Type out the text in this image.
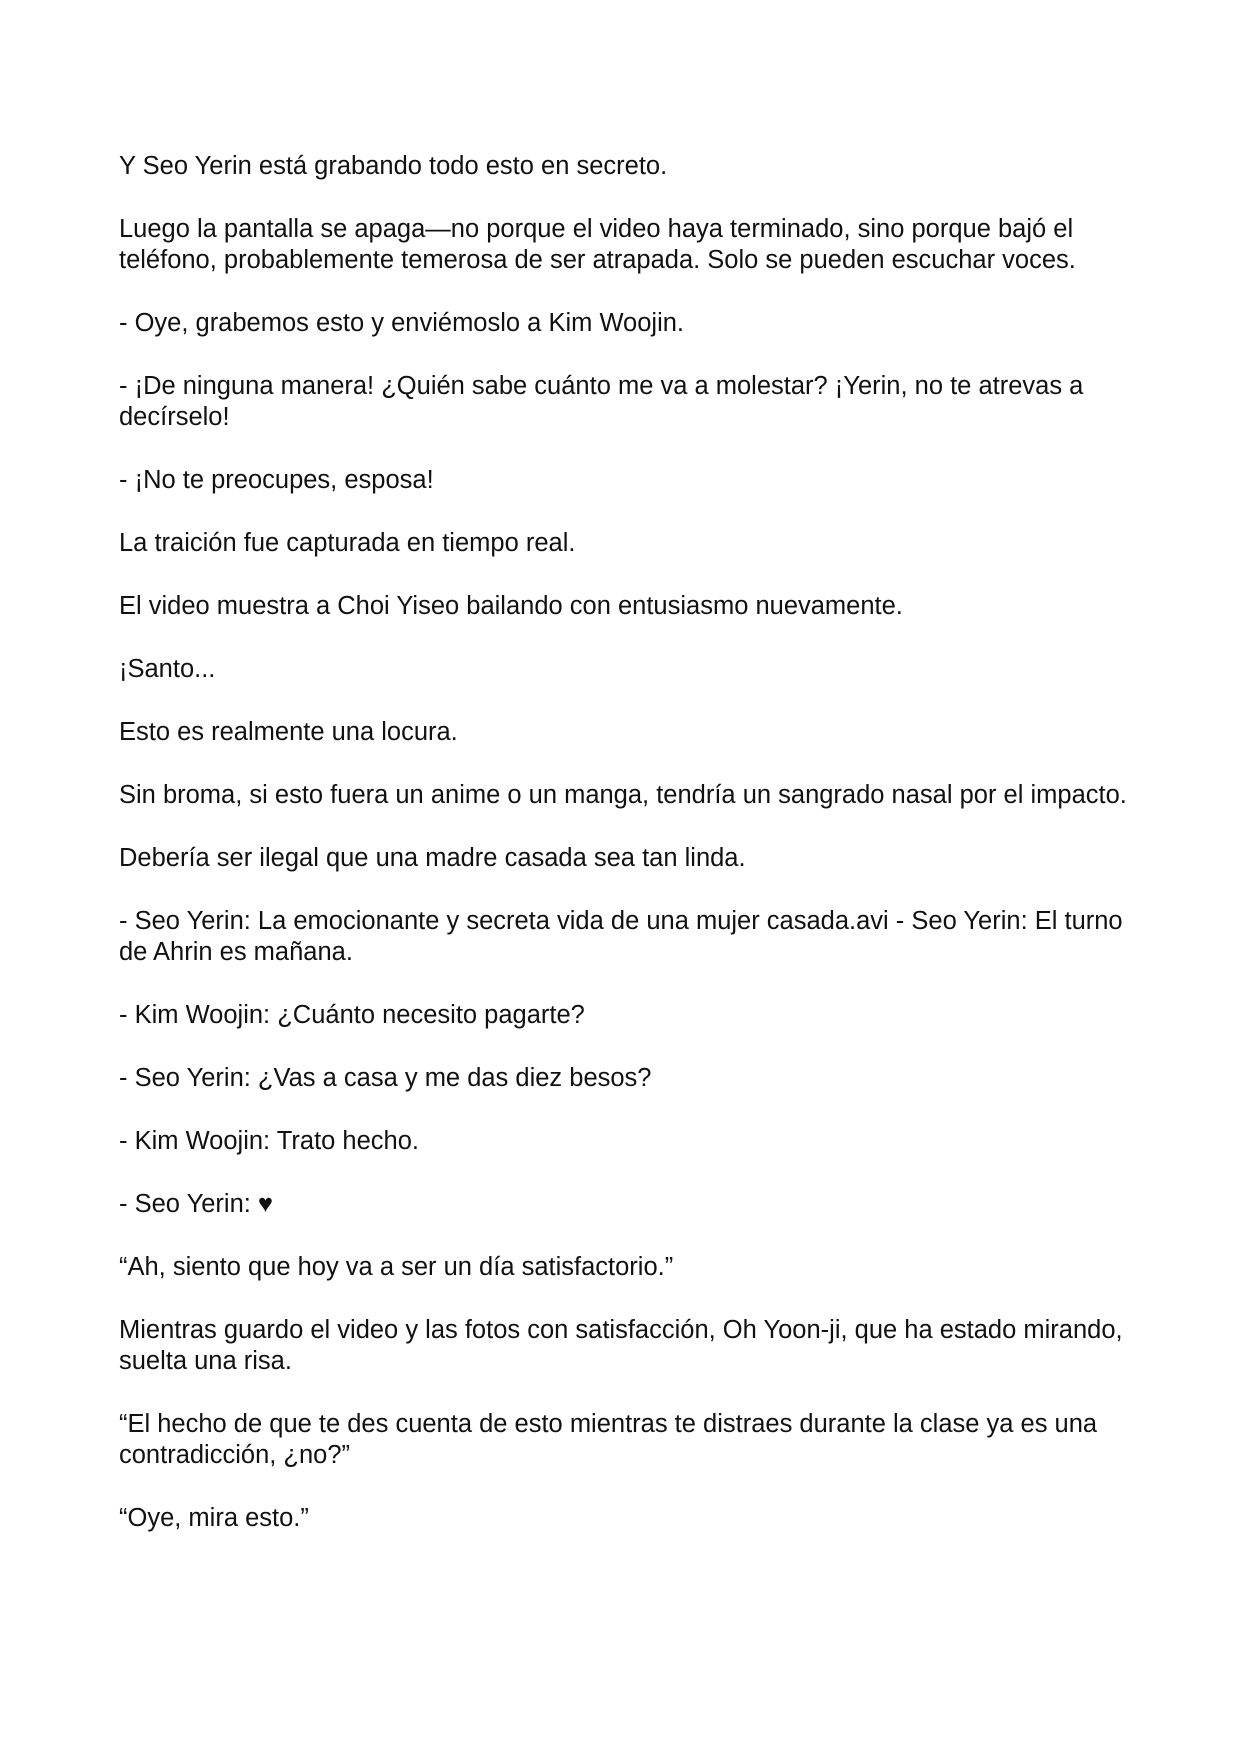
Y Seo Yerin está grabando todo esto en secreto.

Luego la pantalla se apaga—no porque el video haya terminado, sino porque bajó el teléfono, probablemente temerosa de ser atrapada. Solo se pueden escuchar voces.

- Oye, grabemos esto y enviémoslo a Kim Woojin.

- ¡De ninguna manera! ¿Quién sabe cuánto me va a molestar? ¡Yerin, no te atrevas a decírselo!

- ¡No te preocupes, esposa!

La traición fue capturada en tiempo real.

El video muestra a Choi Yiseo bailando con entusiasmo nuevamente.

¡Santo...

Esto es realmente una locura.

Sin broma, si esto fuera un anime o un manga, tendría un sangrado nasal por el impacto.

Debería ser ilegal que una madre casada sea tan linda.

- Seo Yerin: La emocionante y secreta vida de una mujer casada.avi - Seo Yerin: El turno de Ahrin es mañana.

- Kim Woojin: ¿Cuánto necesito pagarte?

- Seo Yerin: ¿Vas a casa y me das diez besos?

- Kim Woojin: Trato hecho.

- Seo Yerin: ♥

“Ah, siento que hoy va a ser un día satisfactorio.”

Mientras guardo el video y las fotos con satisfacción, Oh Yoon-ji, que ha estado mirando, suelta una risa.

“El hecho de que te des cuenta de esto mientras te distraes durante la clase ya es una contradicción, ¿no?”

“Oye, mira esto.”
